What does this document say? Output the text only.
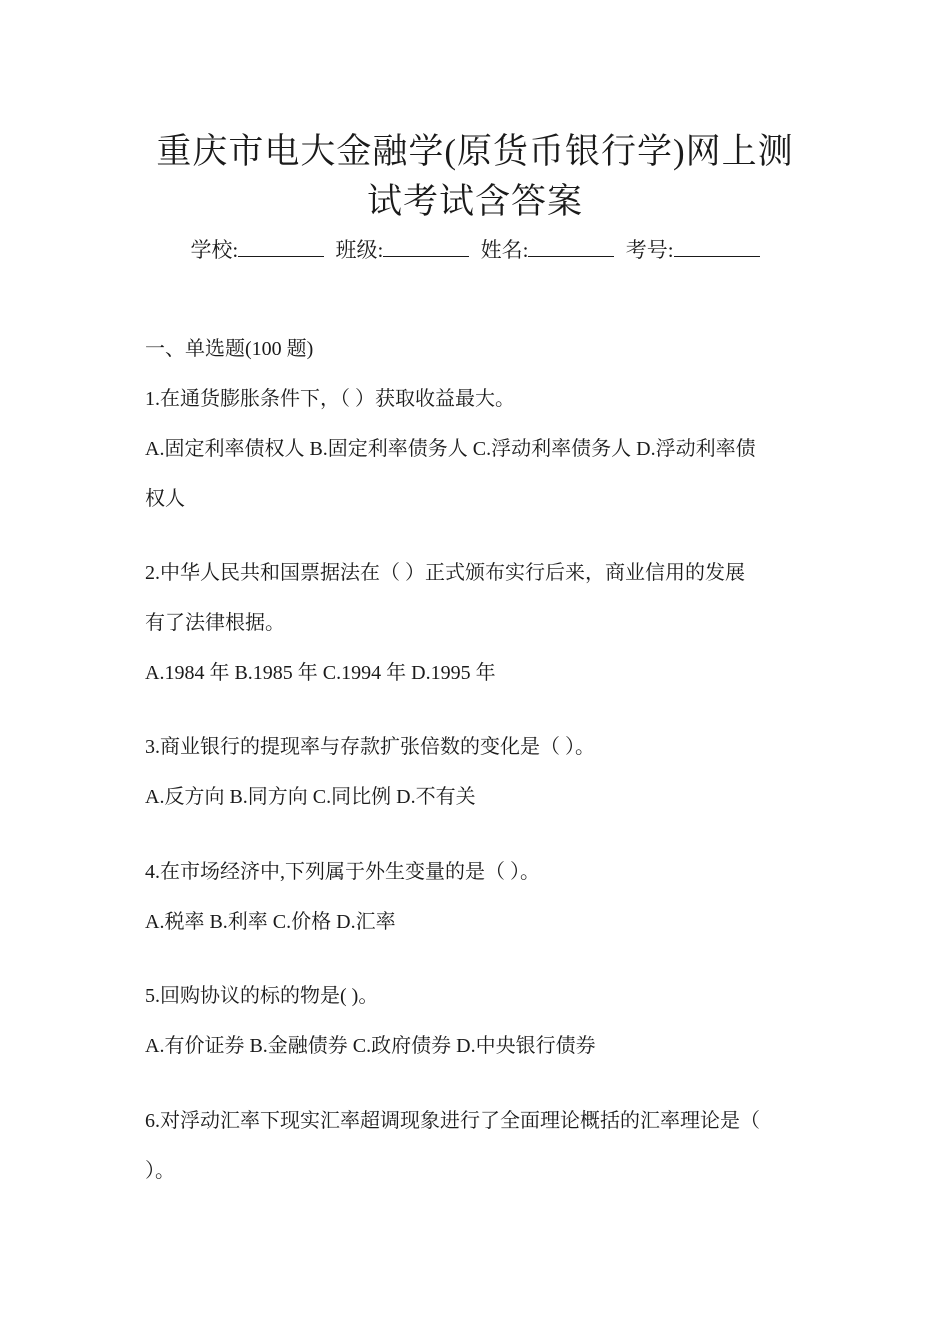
重庆市电大金融学(原货币银行学)网上测
试考试含答案
学校:	班级:	姓名:	考号:
一、单选题(100 题)
1.在通货膨胀条件下，（ ）获取收益最大。
A.固定利率债权人 B.固定利率债务人 C.浮动利率债务人 D.浮动利率债
权人
2.中华人民共和国票据法在（ ）正式颁布实行后来，商业信用的发展
有了法律根据。
A.1984 年 B.1985 年 C.1994 年 D.1995 年
3.商业银行的提现率与存款扩张倍数的变化是（ ）。
A.反方向 B.同方向 C.同比例 D.不有关
4.在市场经济中,下列属于外生变量的是（ ）。
A.税率 B.利率 C.价格 D.汇率
5.回购协议的标的物是( )。
A.有价证券 B.金融债券 C.政府债券 D.中央银行债券
6.对浮动汇率下现实汇率超调现象进行了全面理论概括的汇率理论是（
）。
